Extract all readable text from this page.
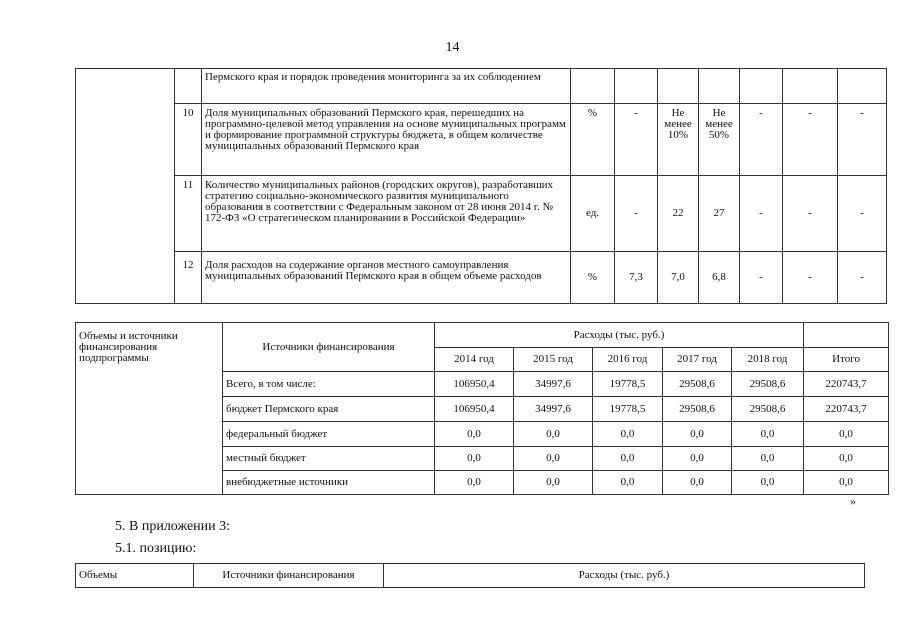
14
		Пермского края и порядок проведения мониторинга за их соблюдением							
	10	Доля муниципальных образований Пермского края, перешедших на программно-целевой метод управления на основе муниципальных программ и формирование программной структуры бюджета, в общем количестве муниципальных образований Пермского края	%	-	Не менее 10%	Не менее 50%	-	-	-
	11	Количество муниципальных районов (городских округов), разработавших стратегию социально-экономического развития муниципального образования в соответствии с Федеральным законом от 28 июня 2014 г. № 172-ФЗ «О стратегическом планировании в Российской Федерации»	ед.	-	22	27	-	-	-
	12	Доля расходов на содержание органов местного самоуправления муниципальных образований Пермского края в общем объеме расходов	%	7,3	7,0	6,8	-	-	-
Объемы и источники финансирования подпрограммы	Источники финансирования	Расходы (тыс. руб.)					
		2014 год	2015 год	2016 год	2017 год	2018 год	Итого
	Всего, в том числе:	106950,4	34997,6	19778,5	29508,6	29508,6	220743,7
	бюджет Пермского края	106950,4	34997,6	19778,5	29508,6	29508,6	220743,7
	федеральный бюджет	0,0	0,0	0,0	0,0	0,0	0,0
	местный бюджет	0,0	0,0	0,0	0,0	0,0	0,0
	внебюджетные источники	0,0	0,0	0,0	0,0	0,0	0,0
»
5. В приложении 3:
5.1. позицию:
Объемы	Источники финансирования	Расходы (тыс. руб.)
